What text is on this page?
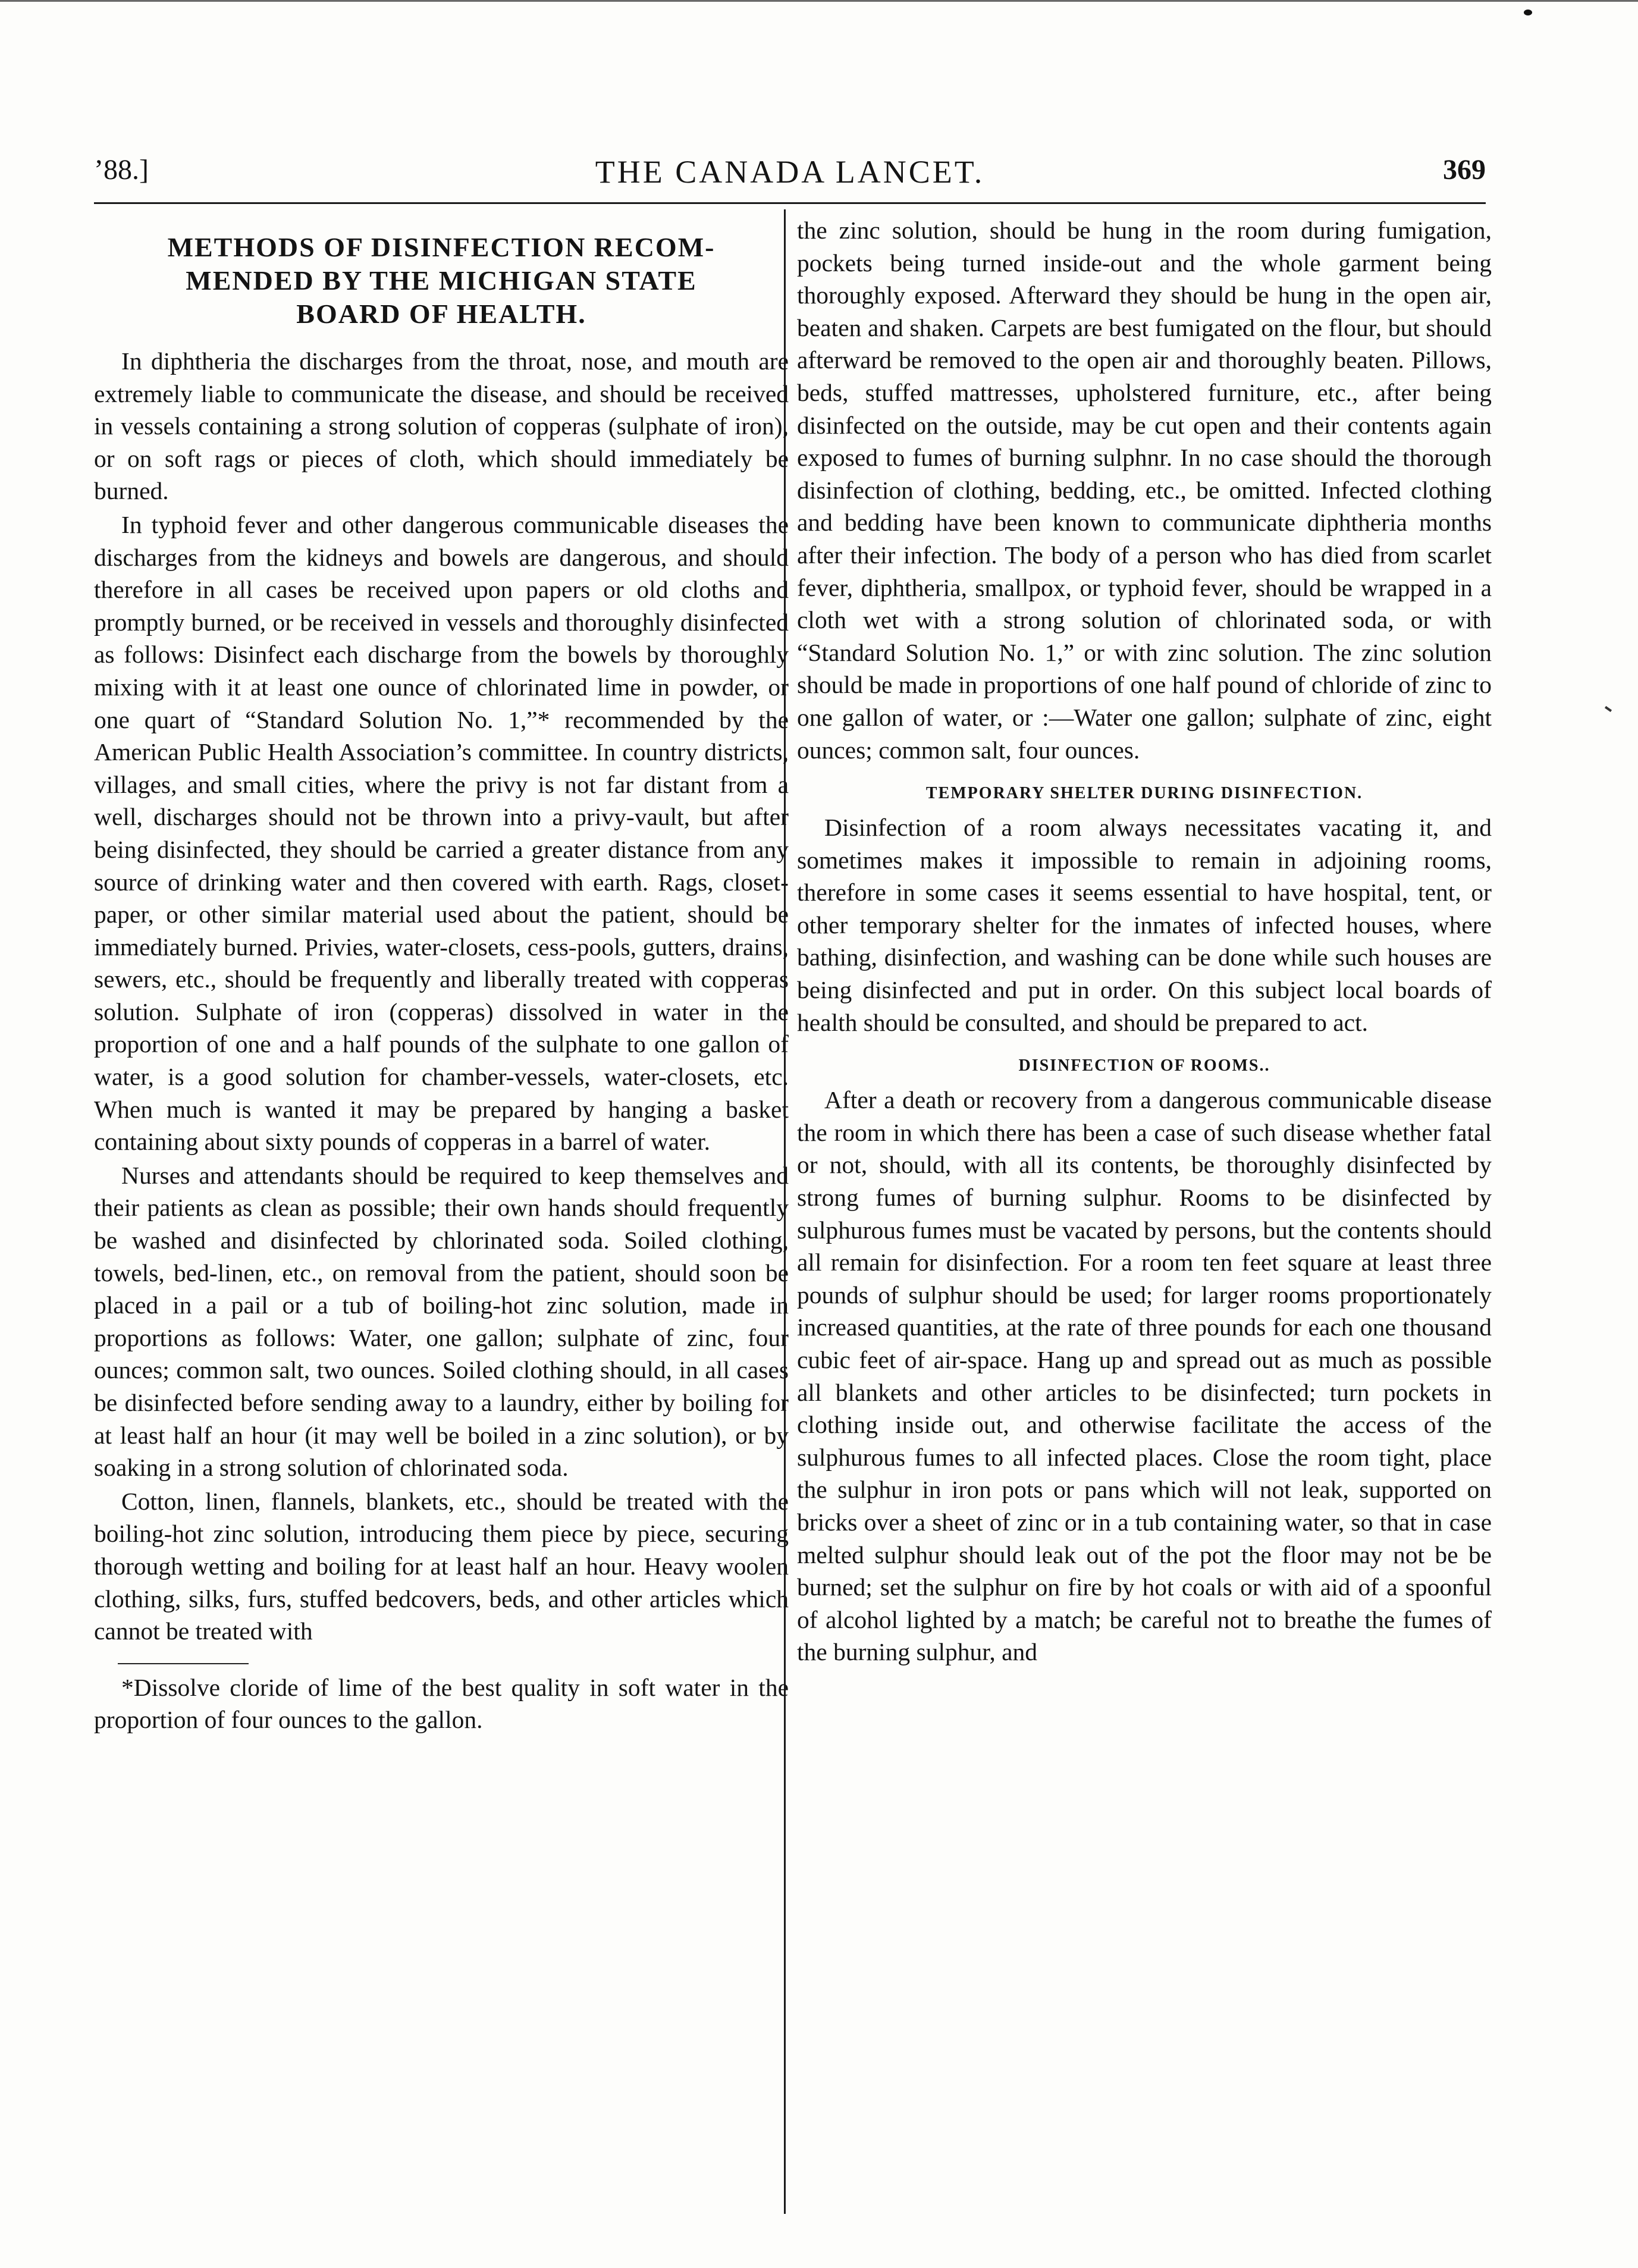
’88.]	THE CANADA LANCET.	369
METHODS OF DISINFECTION RECOM-
MENDED BY THE MICHIGAN STATE
BOARD OF HEALTH.

In diphtheria the discharges from the throat, nose, and mouth are extremely liable to communicate the disease, and should be received in vessels containing a strong solution of copperas (sulphate of iron), or on soft rags or pieces of cloth, which should immediately be burned.

In typhoid fever and other dangerous communicable diseases the discharges from the kidneys and bowels are dangerous, and should therefore in all cases be received upon papers or old cloths and promptly burned, or be received in vessels and thoroughly disinfected as follows: Disinfect each discharge from the bowels by thoroughly mixing with it at least one ounce of chlorinated lime in powder, or one quart of “Standard Solution No. 1,”* recommended by the American Public Health Association’s committee. In country districts, villages, and small cities, where the privy is not far distant from a well, discharges should not be thrown into a privy-vault, but after being disinfected, they should be carried a greater distance from any source of drinking water and then covered with earth. Rags, closet-paper, or other similar material used about the patient, should be immediately burned. Privies, water-closets, cess-pools, gutters, drains, sewers, etc., should be frequently and liberally treated with copperas solution. Sulphate of iron (copperas) dissolved in water in the proportion of one and a half pounds of the sulphate to one gallon of water, is a good solution for chamber-vessels, water-closets, etc. When much is wanted it may be prepared by hanging a basket containing about sixty pounds of copperas in a barrel of water.

Nurses and attendants should be required to keep themselves and their patients as clean as possible; their own hands should frequently be washed and disinfected by chlorinated soda. Soiled clothing, towels, bed-linen, etc., on removal from the patient, should soon be placed in a pail or a tub of boiling-hot zinc solution, made in proportions as follows: Water, one gallon; sulphate of zinc, four ounces; common salt, two ounces. Soiled clothing should, in all cases be disinfected before sending away to a laundry, either by boiling for at least half an hour (it may well be boiled in a zinc solution), or by soaking in a strong solution of chlorinated soda.

Cotton, linen, flannels, blankets, etc., should be treated with the boiling-hot zinc solution, introducing them piece by piece, securing thorough wetting and boiling for at least half an hour. Heavy woolen clothing, silks, furs, stuffed bedcovers, beds, and other articles which cannot be treated with

*Dissolve cloride of lime of the best quality in soft water in the proportion of four ounces to the gallon.

the zinc solution, should be hung in the room during fumigation, pockets being turned inside-out and the whole garment being thoroughly exposed. Afterward they should be hung in the open air, beaten and shaken. Carpets are best fumigated on the flour, but should afterward be removed to the open air and thoroughly beaten. Pillows, beds, stuffed mattresses, upholstered furniture, etc., after being disinfected on the outside, may be cut open and their contents again exposed to fumes of burning sulphnr. In no case should the thorough disinfection of clothing, bedding, etc., be omitted. Infected clothing and bedding have been known to communicate diphtheria months after their infection. The body of a person who has died from scarlet fever, diphtheria, smallpox, or typhoid fever, should be wrapped in a cloth wet with a strong solution of chlorinated soda, or with “Standard Solution No. 1,” or with zinc solution. The zinc solution should be made in proportions of one half pound of chloride of zinc to one gallon of water, or :—Water one gallon; sulphate of zinc, eight ounces; common salt, four ounces.

TEMPORARY SHELTER DURING DISINFECTION.

Disinfection of a room always necessitates vacating it, and sometimes makes it impossible to remain in adjoining rooms, therefore in some cases it seems essential to have hospital, tent, or other temporary shelter for the inmates of infected houses, where bathing, disinfection, and washing can be done while such houses are being disinfected and put in order. On this subject local boards of health should be consulted, and should be prepared to act.

DISINFECTION OF ROOMS..

After a death or recovery from a dangerous communicable disease the room in which there has been a case of such disease whether fatal or not, should, with all its contents, be thoroughly disinfected by strong fumes of burning sulphur. Rooms to be disinfected by sulphurous fumes must be vacated by persons, but the contents should all remain for disinfection. For a room ten feet square at least three pounds of sulphur should be used; for larger rooms proportionately increased quantities, at the rate of three pounds for each one thousand cubic feet of air-space. Hang up and spread out as much as possible all blankets and other articles to be disinfected; turn pockets in clothing inside out, and otherwise facilitate the access of the sulphurous fumes to all infected places. Close the room tight, place the sulphur in iron pots or pans which will not leak, supported on bricks over a sheet of zinc or in a tub containing water, so that in case melted sulphur should leak out of the pot the floor may not be be burned; set the sulphur on fire by hot coals or with aid of a spoonful of alcohol lighted by a match; be careful not to breathe the fumes of the burning sulphur, and
